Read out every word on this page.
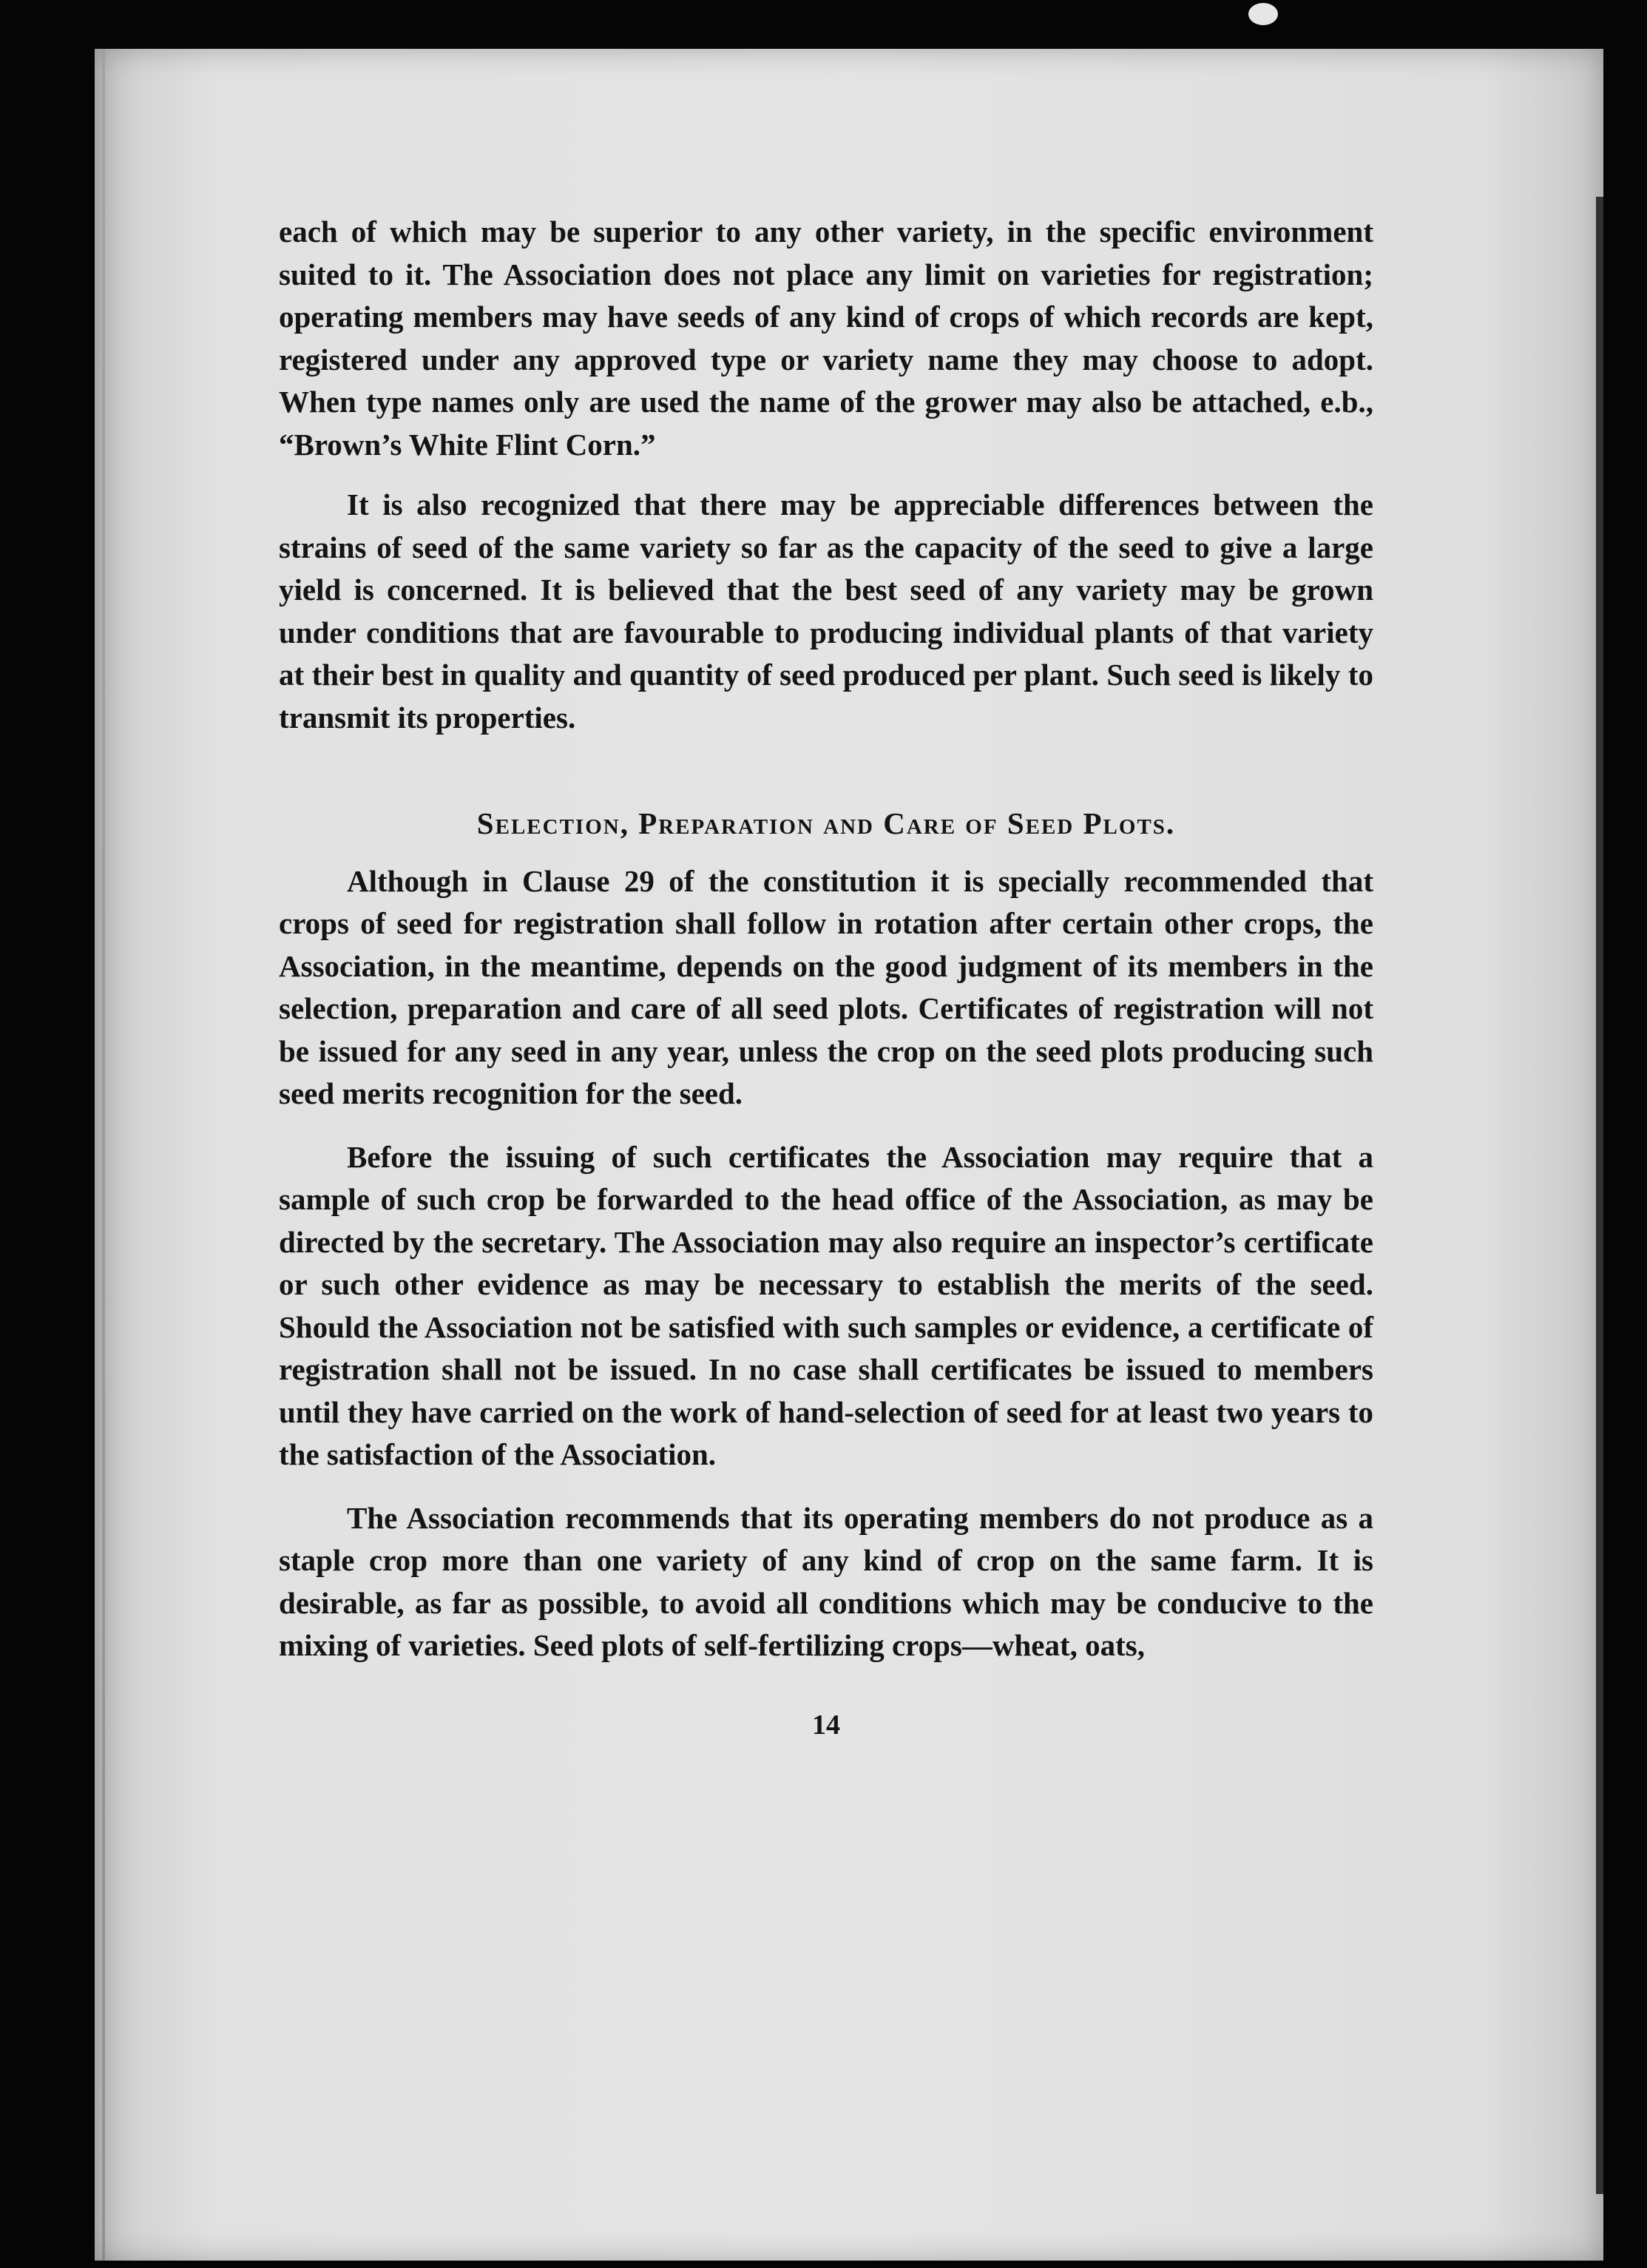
each of which may be superior to any other variety, in the specific environment suited to it. The Association does not place any limit on varieties for registration; operating members may have seeds of any kind of crops of which records are kept, registered under any approved type or variety name they may choose to adopt. When type names only are used the name of the grower may also be attached, e.b., “Brown’s White Flint Corn.”

It is also recognized that there may be appreciable differences between the strains of seed of the same variety so far as the capacity of the seed to give a large yield is concerned. It is believed that the best seed of any variety may be grown under conditions that are favourable to producing individual plants of that variety at their best in quality and quantity of seed produced per plant. Such seed is likely to transmit its properties.

Selection, Preparation and Care of Seed Plots.

Although in Clause 29 of the constitution it is specially recommended that crops of seed for registration shall follow in rotation after certain other crops, the Association, in the meantime, depends on the good judgment of its members in the selection, preparation and care of all seed plots. Certificates of registration will not be issued for any seed in any year, unless the crop on the seed plots producing such seed merits recognition for the seed.

Before the issuing of such certificates the Association may require that a sample of such crop be forwarded to the head office of the Association, as may be directed by the secretary. The Association may also require an inspector’s certificate or such other evidence as may be necessary to establish the merits of the seed. Should the Association not be satisfied with such samples or evidence, a certificate of registration shall not be issued. In no case shall certificates be issued to members until they have carried on the work of hand-selection of seed for at least two years to the satisfaction of the Association.

The Association recommends that its operating members do not produce as a staple crop more than one variety of any kind of crop on the same farm. It is desirable, as far as possible, to avoid all conditions which may be conducive to the mixing of varieties. Seed plots of self-fertilizing crops—wheat, oats,

14
